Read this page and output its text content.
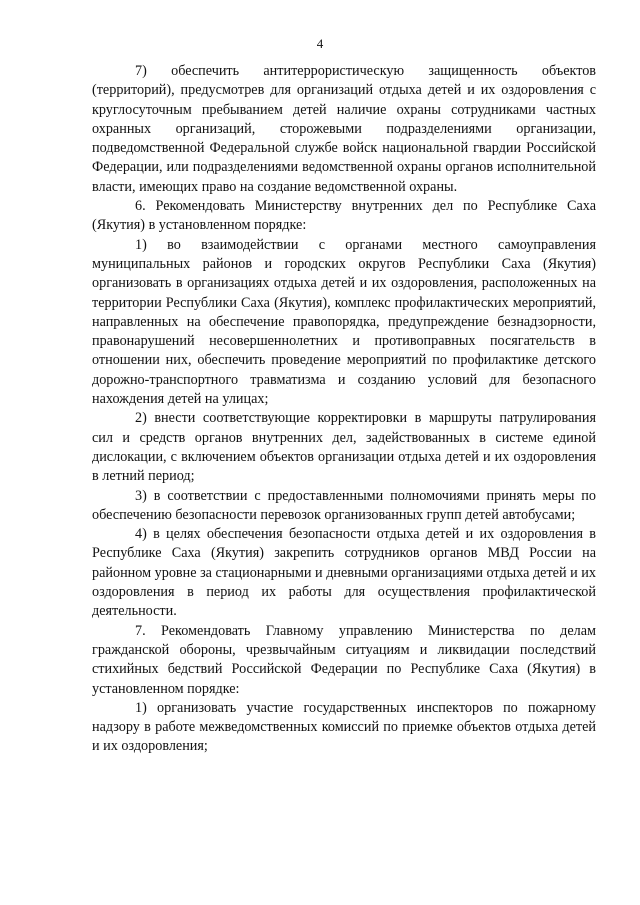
4

7) обеспечить антитеррористическую защищенность объектов (территорий), предусмотрев для организаций отдыха детей и их оздоровления с круглосуточным пребыванием детей наличие охраны сотрудниками частных охранных организаций, сторожевыми подразделениями организации, подведомственной Федеральной службе войск национальной гвардии Российской Федерации, или подразделениями ведомственной охраны органов исполнительной власти, имеющих право на создание ведомственной охраны.

6. Рекомендовать Министерству внутренних дел по Республике Саха (Якутия) в установленном порядке:

1) во взаимодействии с органами местного самоуправления муниципальных районов и городских округов Республики Саха (Якутия) организовать в организациях отдыха детей и их оздоровления, расположенных на территории Республики Саха (Якутия), комплекс профилактических мероприятий, направленных на обеспечение правопорядка, предупреждение безнадзорности, правонарушений несовершеннолетних и противоправных посягательств в отношении них, обеспечить проведение мероприятий по профилактике детского дорожно-транспортного травматизма и созданию условий для безопасного нахождения детей на улицах;

2) внести соответствующие корректировки в маршруты патрулирования сил и средств органов внутренних дел, задействованных в системе единой дислокации, с включением объектов организации отдыха детей и их оздоровления в летний период;

3) в соответствии с предоставленными полномочиями принять меры по обеспечению безопасности перевозок организованных групп детей автобусами;

4) в целях обеспечения безопасности отдыха детей и их оздоровления в Республике Саха (Якутия) закрепить сотрудников органов МВД России на районном уровне за стационарными и дневными организациями отдыха детей и их оздоровления в период их работы для осуществления профилактической деятельности.

7. Рекомендовать Главному управлению Министерства по делам гражданской обороны, чрезвычайным ситуациям и ликвидации последствий стихийных бедствий Российской Федерации по Республике Саха (Якутия) в установленном порядке:

1) организовать участие государственных инспекторов по пожарному надзору в работе межведомственных комиссий по приемке объектов отдыха детей и их оздоровления;
